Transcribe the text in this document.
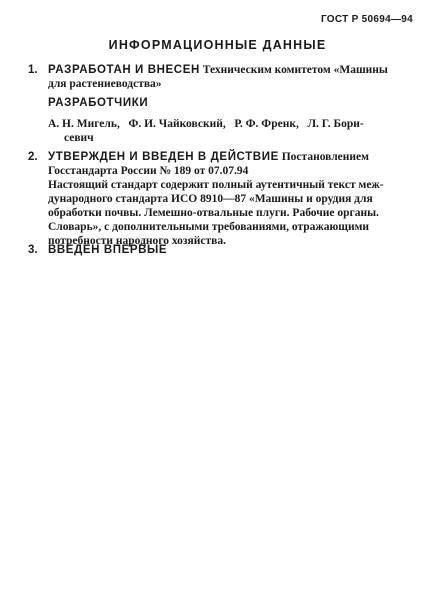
ГОСТ Р 50694—94
ИНФОРМАЦИОННЫЕ ДАННЫЕ
1. РАЗРАБОТАН И ВНЕСЕН Техническим комитетом «Машины
для растениеводства»
РАЗРАБОТЧИКИ
А. Н. Мигель,   Ф. И. Чайковский,   Р. Ф. Френк,   Л. Г. Бори-
севич
2. УТВЕРЖДЕН И ВВЕДЕН В ДЕЙСТВИЕ Постановлением
Госстандарта России № 189 от 07.07.94
Настоящий стандарт содержит полный аутентичный текст меж-
дународного стандарта ИСО 8910—87 «Машины и орудия для
обработки почвы. Лемешно-отвальные плуги. Рабочие органы.
Словарь», с дополнительными требованиями, отражающими
потребности народного хозяйства.
3. ВВЕДЕН ВПЕРВЫЕ
